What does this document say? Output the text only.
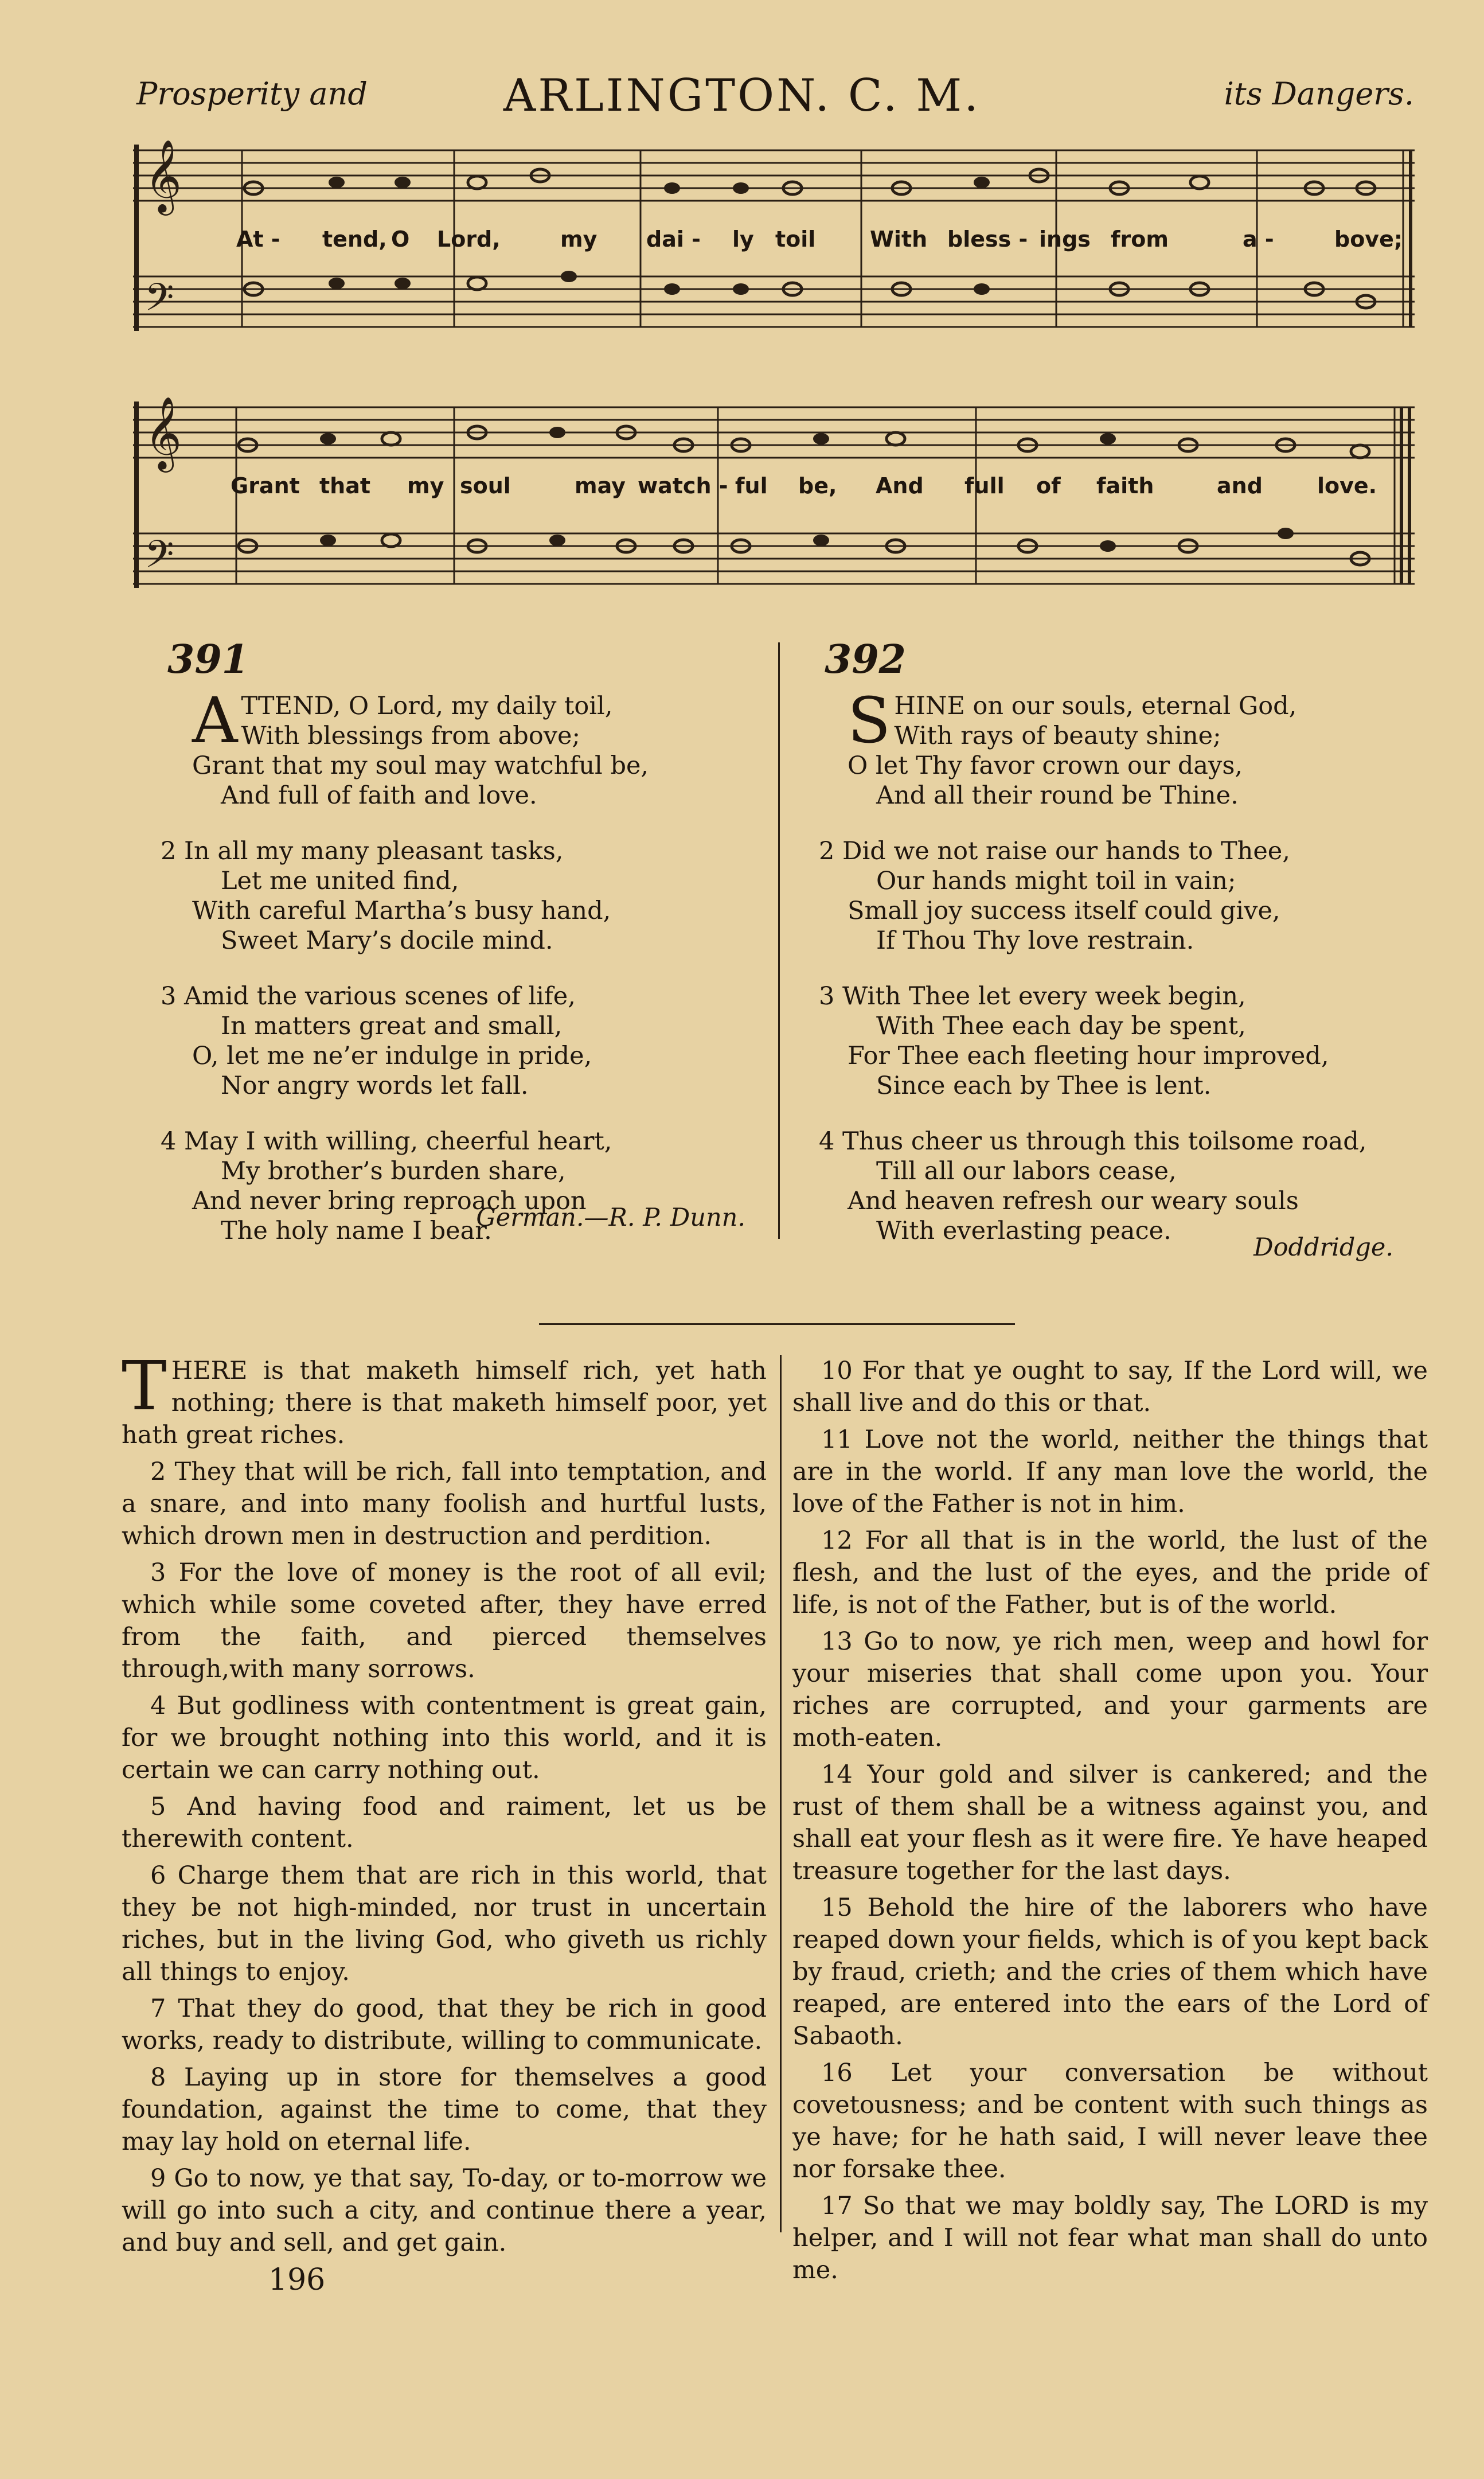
Prosperity and	ARLINGTON. C. M.	its Dangers.
𝄞
𝄢
At - tend, O Lord,	my dai - ly toil With bless - ings from	a -	bove;
𝄞
𝄢
Grant that my soul	may watch - ful be, And full of faith	and	love.
391
A TTEND, O Lord, my daily toil,
With blessings from above;
Grant that my soul may watchful be,
And full of faith and love.
2 In all my many pleasant tasks,
Let me united find,
With careful Martha’s busy hand,
Sweet Mary’s docile mind.
3 Amid the various scenes of life,
In matters great and small,
O, let me ne’er indulge in pride,
Nor angry words let fall.
4 May I with willing, cheerful heart,
My brother’s burden share,
And never bring reproach upon
The holy name I bear.
German.—R. P. Dunn.
392
S HINE on our souls, eternal God,
With rays of beauty shine;
O let Thy favor crown our days,
And all their round be Thine.
2 Did we not raise our hands to Thee,
Our hands might toil in vain;
Small joy success itself could give,
If Thou Thy love restrain.
3 With Thee let every week begin,
With Thee each day be spent,
For Thee each fleeting hour improved,
Since each by Thee is lent.
4 Thus cheer us through this toilsome road,
Till all our labors cease,
And heaven refresh our weary souls
With everlasting peace.
Doddridge.

THERE is that maketh himself rich, yet hath nothing; there is that maketh himself poor, yet hath great riches.

2 They that will be rich, fall into temptation, and a snare, and into many foolish and hurtful lusts, which drown men in destruction and perdition.

3 For the love of money is the root of all evil; which while some coveted after, they have erred from the faith, and pierced themselves through,with many sorrows.

4 But godliness with contentment is great gain, for we brought nothing into this world, and it is certain we can carry nothing out.

5 And having food and raiment, let us be therewith content.

6 Charge them that are rich in this world, that they be not high-minded, nor trust in uncertain riches, but in the living God, who giveth us richly all things to enjoy.

7 That they do good, that they be rich in good works, ready to distribute, willing to communicate.

8 Laying up in store for themselves a good foundation, against the time to come, that they may lay hold on eternal life.

9 Go to now, ye that say, To-day, or to-morrow we will go into such a city, and continue there a year, and buy and sell, and get gain.

10 For that ye ought to say, If the Lord will, we shall live and do this or that.

11 Love not the world, neither the things that are in the world. If any man love the world, the love of the Father is not in him.

12 For all that is in the world, the lust of the flesh, and the lust of the eyes, and the pride of life, is not of the Father, but is of the world.

13 Go to now, ye rich men, weep and howl for your miseries that shall come upon you. Your riches are corrupted, and your garments are moth-eaten.

14 Your gold and silver is cankered; and the rust of them shall be a witness against you, and shall eat your flesh as it were fire. Ye have heaped treasure together for the last days.

15 Behold the hire of the laborers who have reaped down your fields, which is of you kept back by fraud, crieth; and the cries of them which have reaped, are entered into the ears of the Lord of Sabaoth.

16 Let your conversation be without covetousness; and be content with such things as ye have; for he hath said, I will never leave thee nor forsake thee.

17 So that we may boldly say, The LORD is my helper, and I will not fear what man shall do unto me.

196
